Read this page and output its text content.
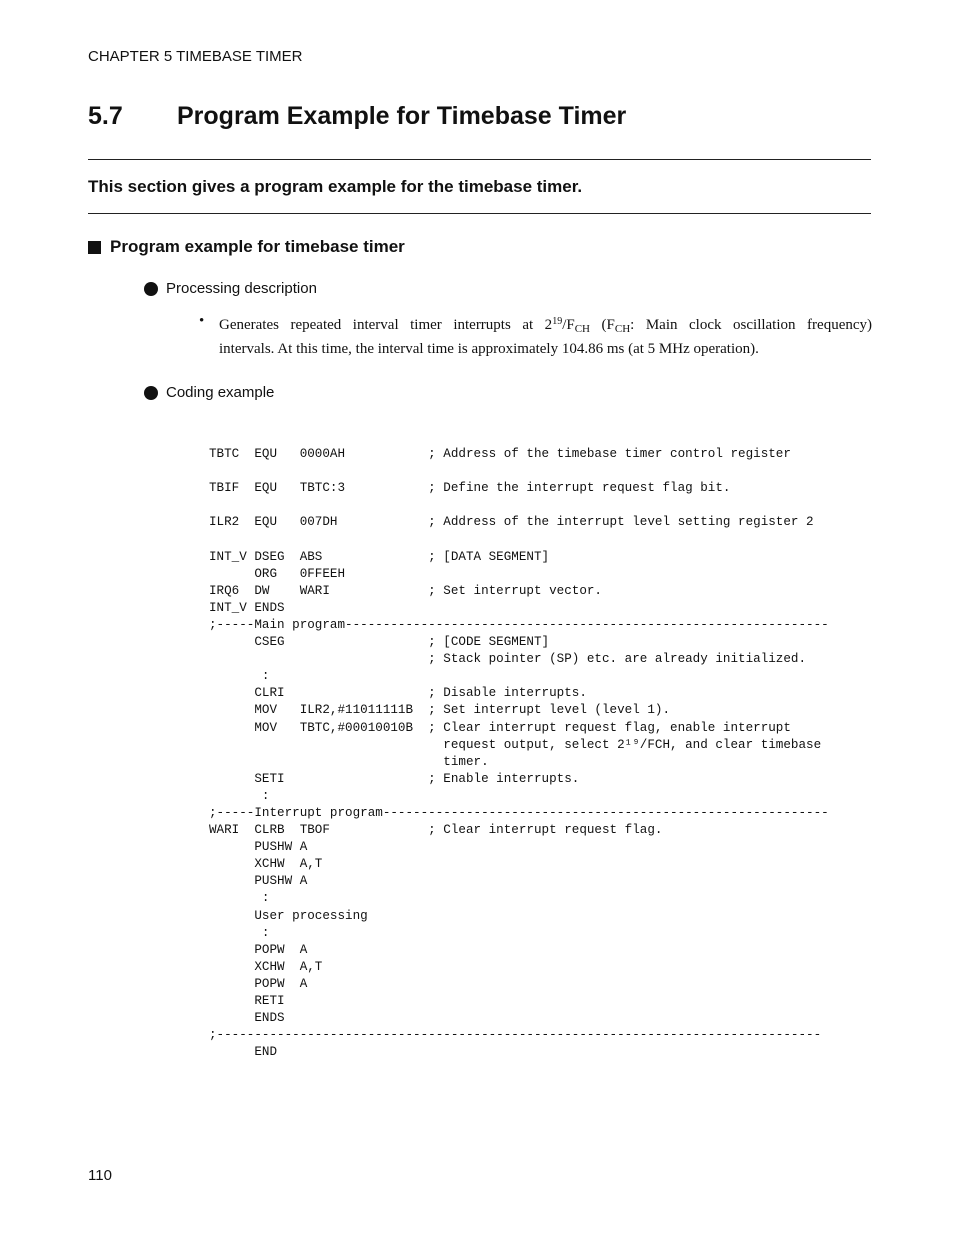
CHAPTER 5 TIMEBASE TIMER
5.7 Program Example for Timebase Timer
This section gives a program example for the timebase timer.
Program example for timebase timer
Processing description
• Generates repeated interval timer interrupts at $2^{19}/F_{CH}$ ($F_{CH}$: Main clock oscillation frequency)
intervals. At this time, the interval time is approximately 104.86 ms (at 5 MHz operation).
Coding example
TBTC  EQU   0000AH           ; Address of the timebase timer control register
TBIF  EQU   TBTC:3           ; Define the interrupt request flag bit.
ILR2  EQU   007DH            ; Address of the interrupt level setting register 2
INT_V DSEG  ABS              ; [DATA SEGMENT]
ORG   0FFEEH
IRQ6  DW    WARI             ; Set interrupt vector.
INT_V ENDS
;-----Main program----------------------------------------------------------------
CSEG                   ; [CODE SEGMENT]
; Stack pointer (SP) etc. are already initialized.
:
CLRI                   ; Disable interrupts.
MOV   ILR2,#11011111B  ; Set interrupt level (level 1).
MOV   TBTC,#00010010B  ; Clear interrupt request flag, enable interrupt
request output, select 2¹⁹/FCH, and clear timebase
timer.
SETI                   ; Enable interrupts.
:
;-----Interrupt program-----------------------------------------------------------
WARI  CLRB  TBOF             ; Clear interrupt request flag.
PUSHW A
XCHW  A,T
PUSHW A
:
User processing
:
POPW  A
XCHW  A,T
POPW  A
RETI
ENDS
;--------------------------------------------------------------------------------
END
110
